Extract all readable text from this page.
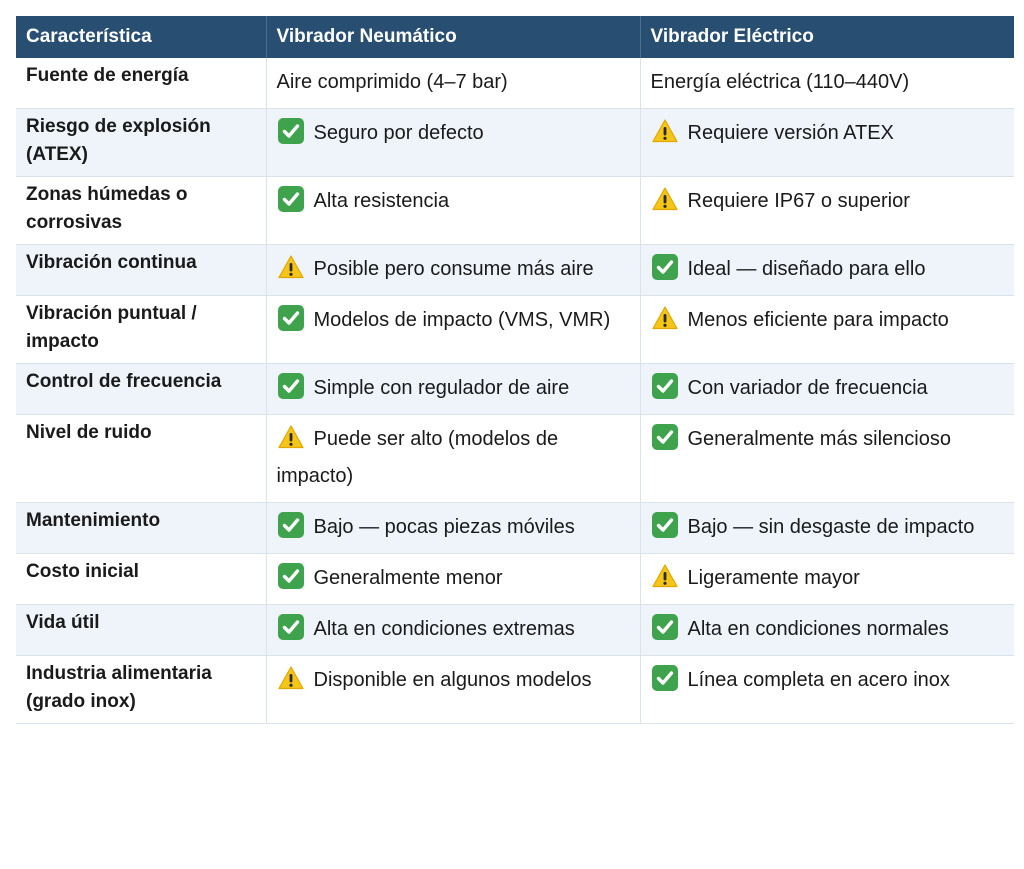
Característica	Vibrador Neumático	Vibrador Eléctrico
Fuente de energía	Aire comprimido (4–7 bar)	Energía eléctrica (110–440V)
Riesgo de explosión (ATEX)	Seguro por defecto	Requiere versión ATEX
Zonas húmedas o corrosivas	Alta resistencia	Requiere IP67 o superior
Vibración continua	Posible pero consume más aire	Ideal — diseñado para ello
Vibración puntual / impacto	Modelos de impacto (VMS, VMR)	Menos eficiente para impacto
Control de frecuencia	Simple con regulador de aire	Con variador de frecuencia
Nivel de ruido	Puede ser alto (modelos de impacto)	Generalmente más silencioso
Mantenimiento	Bajo — pocas piezas móviles	Bajo — sin desgaste de impacto
Costo inicial	Generalmente menor	Ligeramente mayor
Vida útil	Alta en condiciones extremas	Alta en condiciones normales
Industria alimentaria (grado inox)	Disponible en algunos modelos	Línea completa en acero inox
